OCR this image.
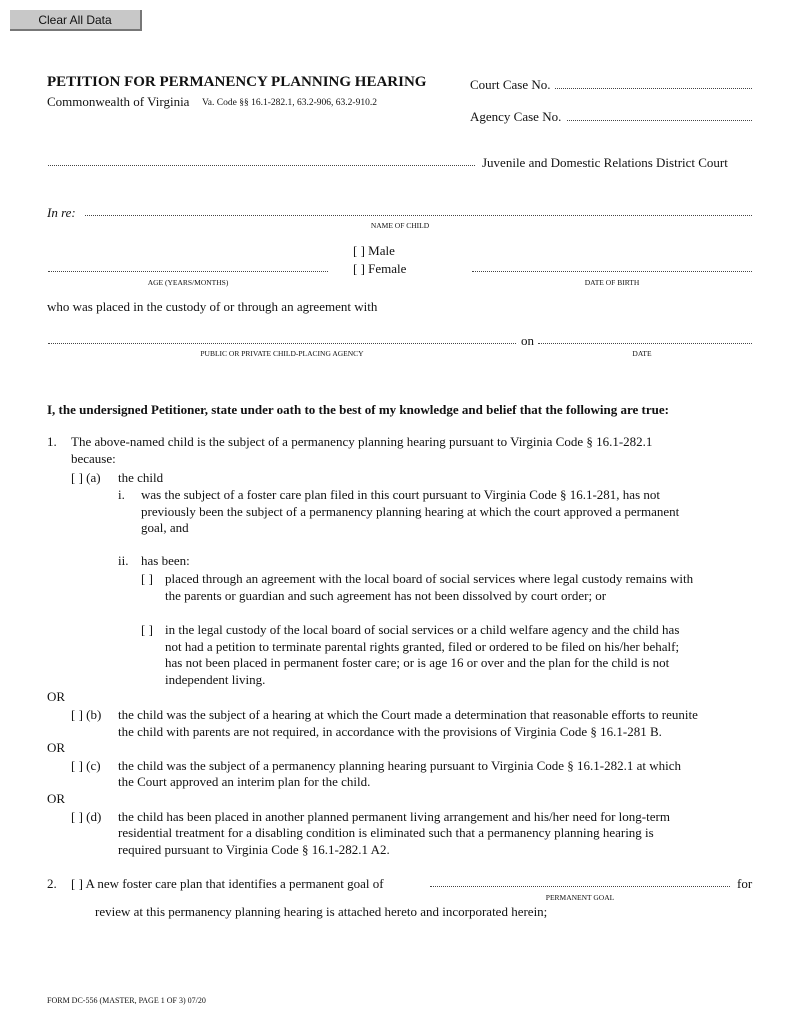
Clear All Data
PETITION FOR PERMANENCY PLANNING HEARING
Commonwealth of Virginia Va. Code §§ 16.1-282.1, 63.2-906, 63.2-910.2
Court Case No.
Agency Case No.
Juvenile and Domestic Relations District Court
In re:
NAME OF CHILD
[ ] Male
[ ] Female
AGE (YEARS/MONTHS)	DATE OF BIRTH
who was placed in the custody of or through an agreement with
on
PUBLIC OR PRIVATE CHILD-PLACING AGENCY	DATE
I, the undersigned Petitioner, state under oath to the best of my knowledge and belief that the following are true:
1. The above-named child is the subject of a permanency planning hearing pursuant to Virginia Code § 16.1-282.1
because:
[ ] (a) the child
i. was the subject of a foster care plan filed in this court pursuant to Virginia Code § 16.1-281, has not
previously been the subject of a permanency planning hearing at which the court approved a permanent
goal, and
ii. has been:
[ ] placed through an agreement with the local board of social services where legal custody remains with
the parents or guardian and such agreement has not been dissolved by court order; or
[ ] in the legal custody of the local board of social services or a child welfare agency and the child has
not had a petition to terminate parental rights granted, filed or ordered to be filed on his/her behalf;
has not been placed in permanent foster care; or is age 16 or over and the plan for the child is not
independent living.
OR
[ ] (b) the child was the subject of a hearing at which the Court made a determination that reasonable efforts to reunite
the child with parents are not required, in accordance with the provisions of Virginia Code § 16.1-281 B.
OR
[ ] (c) the child was the subject of a permanency planning hearing pursuant to Virginia Code § 16.1-282.1 at which
the Court approved an interim plan for the child.
OR
[ ] (d) the child has been placed in another planned permanent living arrangement and his/her need for long-term
residential treatment for a disabling condition is eliminated such that a permanency planning hearing is
required pursuant to Virginia Code § 16.1-282.1 A2.
2. [ ] A new foster care plan that identifies a permanent goal of	for
PERMANENT GOAL
review at this permanency planning hearing is attached hereto and incorporated herein;
FORM DC-556 (MASTER, PAGE 1 OF 3) 07/20
